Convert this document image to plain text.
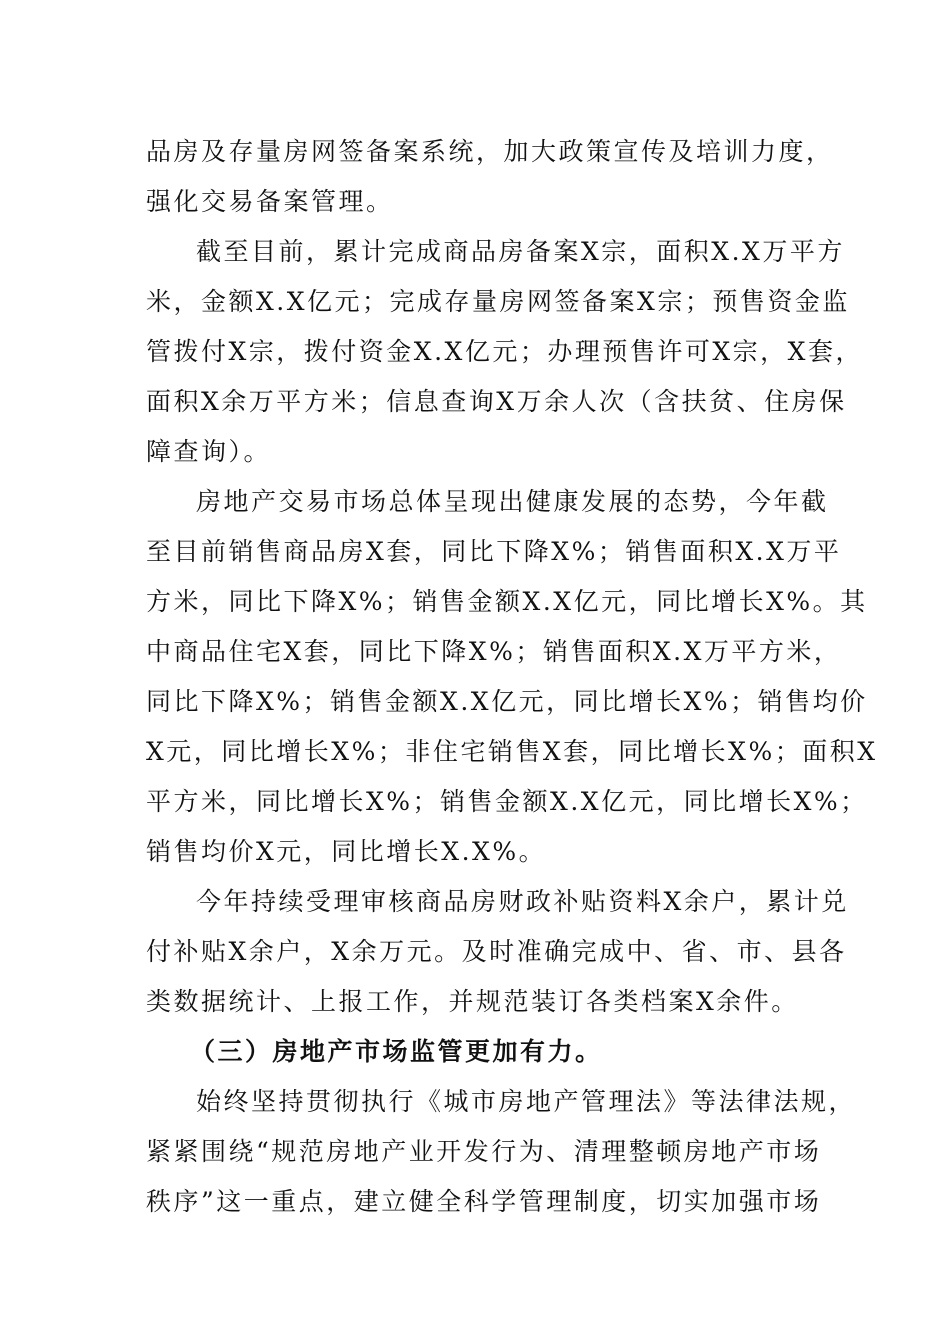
品房及存量房网签备案系统，加大政策宣传及培训力度，
强化交易备案管理。
截至目前，累计完成商品房备案X宗，面积X.X万平方
米，金额X.X亿元；完成存量房网签备案X宗；预售资金监
管拨付X宗，拨付资金X.X亿元；办理预售许可X宗，X套，
面积X余万平方米；信息查询X万余人次（含扶贫、住房保
障查询）。
房地产交易市场总体呈现出健康发展的态势，今年截
至目前销售商品房X套，同比下降X%；销售面积X.X万平
方米，同比下降X%；销售金额X.X亿元，同比增长X%。其
中商品住宅X套，同比下降X%；销售面积X.X万平方米，
同比下降X%；销售金额X.X亿元，同比增长X%；销售均价
X元，同比增长X%；非住宅销售X套，同比增长X%；面积X
平方米，同比增长X%；销售金额X.X亿元，同比增长X%；
销售均价X元，同比增长X.X%。
今年持续受理审核商品房财政补贴资料X余户，累计兑
付补贴X余户，X余万元。及时准确完成中、省、市、县各
类数据统计、上报工作，并规范装订各类档案X余件。
（三）房地产市场监管更加有力。
始终坚持贯彻执行《城市房地产管理法》等法律法规，
紧紧围绕“规范房地产业开发行为、清理整顿房地产市场
秩序”这一重点，建立健全科学管理制度，切实加强市场
